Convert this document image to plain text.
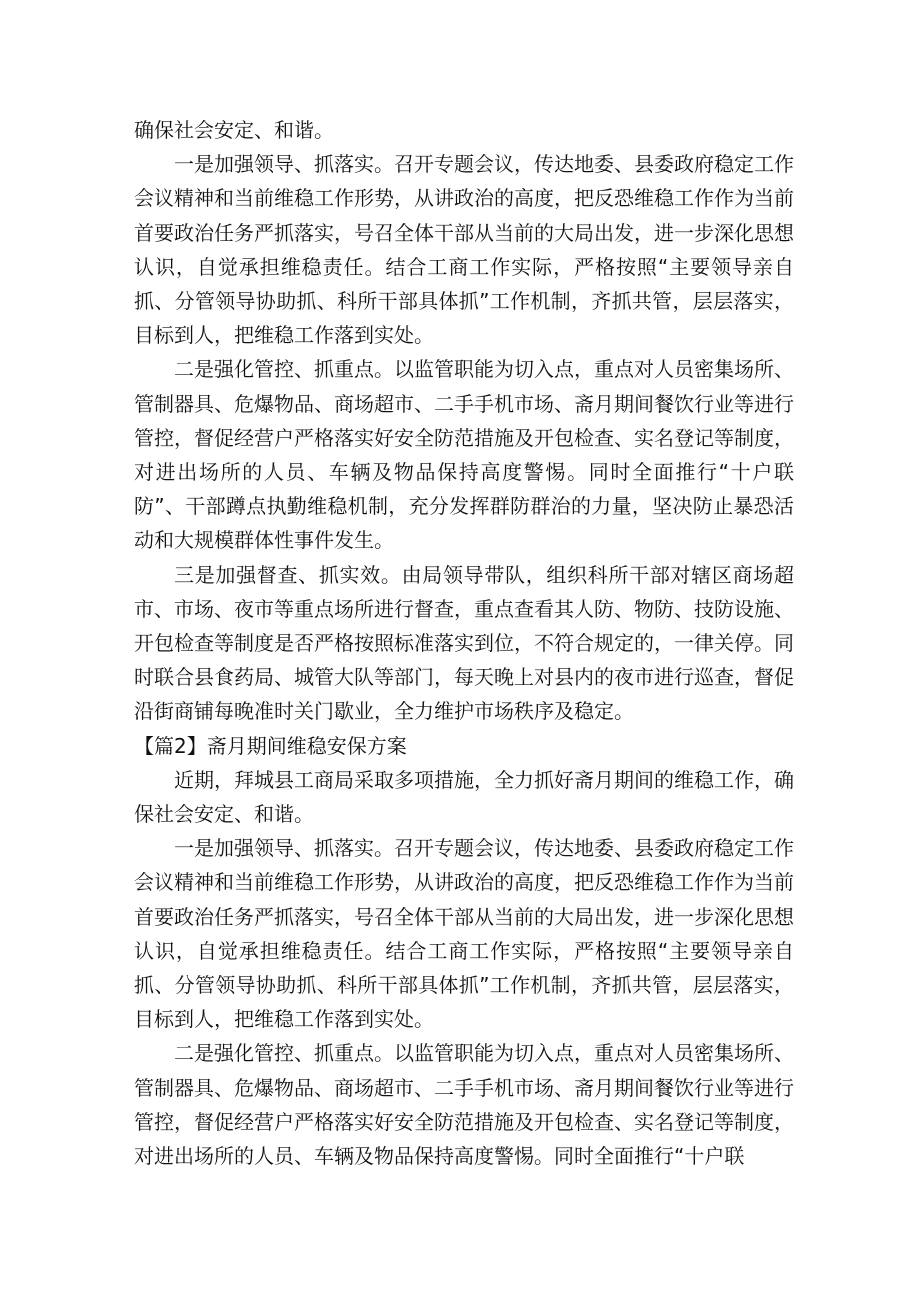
确保社会安定、和谐。

一是加强领导、抓落实。召开专题会议，传达地委、县委政府稳定工作会议精神和当前维稳工作形势，从讲政治的高度，把反恐维稳工作作为当前首要政治任务严抓落实，号召全体干部从当前的大局出发，进一步深化思想认识，自觉承担维稳责任。结合工商工作实际，严格按照“主要领导亲自抓、分管领导协助抓、科所干部具体抓”工作机制，齐抓共管，层层落实，目标到人，把维稳工作落到实处。

二是强化管控、抓重点。以监管职能为切入点，重点对人员密集场所、管制器具、危爆物品、商场超市、二手手机市场、斋月期间餐饮行业等进行管控，督促经营户严格落实好安全防范措施及开包检查、实名登记等制度，对进出场所的人员、车辆及物品保持高度警惕。同时全面推行“十户联防”、干部蹲点执勤维稳机制，充分发挥群防群治的力量，坚决防止暴恐活动和大规模群体性事件发生。

三是加强督查、抓实效。由局领导带队，组织科所干部对辖区商场超市、市场、夜市等重点场所进行督查，重点查看其人防、物防、技防设施、开包检查等制度是否严格按照标准落实到位，不符合规定的，一律关停。同时联合县食药局、城管大队等部门，每天晚上对县内的夜市进行巡查，督促沿街商铺每晚准时关门歇业，全力维护市场秩序及稳定。

【篇2】斋月期间维稳安保方案

近期，拜城县工商局采取多项措施，全力抓好斋月期间的维稳工作，确保社会安定、和谐。

一是加强领导、抓落实。召开专题会议，传达地委、县委政府稳定工作会议精神和当前维稳工作形势，从讲政治的高度，把反恐维稳工作作为当前首要政治任务严抓落实，号召全体干部从当前的大局出发，进一步深化思想认识，自觉承担维稳责任。结合工商工作实际，严格按照“主要领导亲自抓、分管领导协助抓、科所干部具体抓”工作机制，齐抓共管，层层落实，目标到人，把维稳工作落到实处。

二是强化管控、抓重点。以监管职能为切入点，重点对人员密集场所、管制器具、危爆物品、商场超市、二手手机市场、斋月期间餐饮行业等进行管控，督促经营户严格落实好安全防范措施及开包检查、实名登记等制度，对进出场所的人员、车辆及物品保持高度警惕。同时全面推行“十户联
